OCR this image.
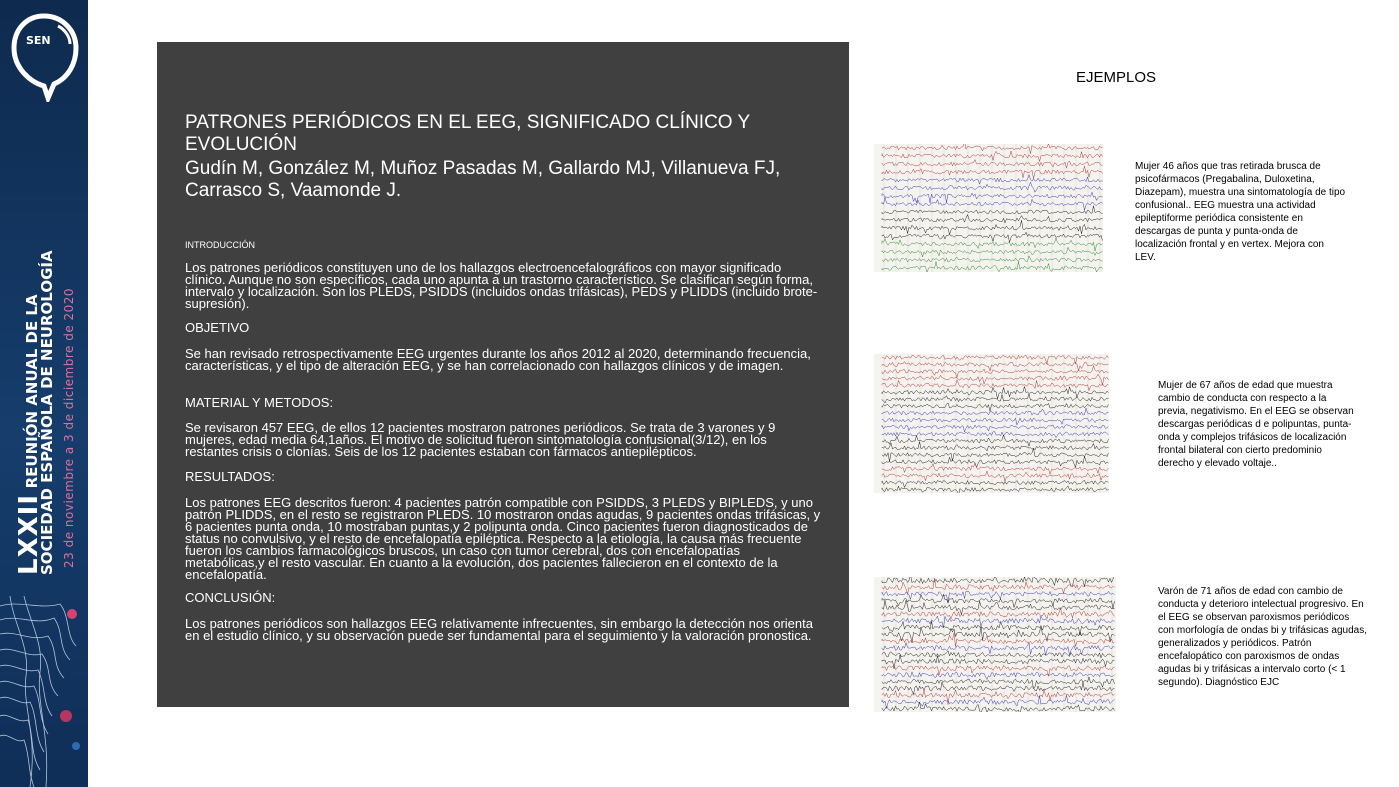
SEN
LXXII REUNIÓN ANUAL DE LA
SOCIEDAD ESPAÑOLA DE NEUROLOGÍA 23 de noviembre a 3 de diciembre de 2020
PATRONES PERIÓDICOS EN EL EEG, SIGNIFICADO CLÍNICO Y EVOLUCIÓN
Gudín M, González M, Muñoz Pasadas M, Gallardo MJ, Villanueva FJ, Carrasco S, Vaamonde J.
INTRODUCCIÓN
Los patrones periódicos constituyen uno de los hallazgos electroencefalográficos con mayor significado clínico. Aunque no son específicos, cada uno apunta a un trastorno característico. Se clasifican según forma, intervalo y localización. Son los PLEDS, PSIDDS (incluidos ondas trifásicas), PEDS y PLIDDS (incluido brote-supresión).
OBJETIVO
Se han revisado retrospectivamente EEG urgentes durante los años 2012 al 2020, determinando frecuencia, características, y el tipo de alteración EEG, y se han correlacionado con hallazgos clínicos y de imagen.
MATERIAL Y METODOS:
Se revisaron 457 EEG, de ellos 12 pacientes mostraron patrones periódicos. Se trata de 3 varones y 9 mujeres, edad media 64,1años. El motivo de solicitud fueron sintomatología confusional(3/12), en los restantes crisis o clonías. Seis de los 12 pacientes estaban con fármacos antiepilépticos.
RESULTADOS:
Los patrones EEG descritos fueron: 4 pacientes patrón compatible con PSIDDS, 3 PLEDS y BIPLEDS, y uno patrón PLIDDS, en el resto se registraron PLEDS. 10 mostraron ondas agudas, 9 pacientes ondas trifásicas, y 6 pacientes punta onda, 10 mostraban puntas,y 2 polipunta onda. Cinco pacientes fueron diagnosticados de status no convulsivo, y el resto de encefalopatía epiléptica. Respecto a la etiología, la causa más frecuente fueron los cambios farmacológicos bruscos, un caso con tumor cerebral, dos con encefalopatías metabólicas,y el resto vascular. En cuanto a la evolución, dos pacientes fallecieron en el contexto de la encefalopatía.
CONCLUSIÓN:
Los patrones periódicos son hallazgos EEG relativamente infrecuentes, sin embargo la detección nos orienta en el estudio clínico, y su observación puede ser fundamental para el seguimiento y la valoración pronostica.
EJEMPLOS
Mujer 46 años que tras retirada brusca de psicofármacos (Pregabalina, Duloxetina, Diazepam), muestra una sintomatología de tipo confusional.. EEG muestra una actividad epileptiforme periódica consistente en descargas de punta y punta-onda de localización frontal y en vertex. Mejora con LEV.
Mujer de 67 años de edad que muestra cambio de conducta con respecto a la previa, negativismo. En el EEG se observan descargas periódicas d e polipuntas, punta-onda y complejos trifásicos de localización frontal bilateral con cierto predominio derecho y elevado voltaje..
Varón de 71 años de edad con cambio de conducta y deterioro intelectual progresivo. En el EEG se observan paroxismos periódicos con morfología de ondas bi y trifásicas agudas, generalizados y periódicos. Patrón encefalopático con paroxismos de ondas agudas bi y trifásicas a intervalo corto (< 1 segundo). Diagnóstico EJC
